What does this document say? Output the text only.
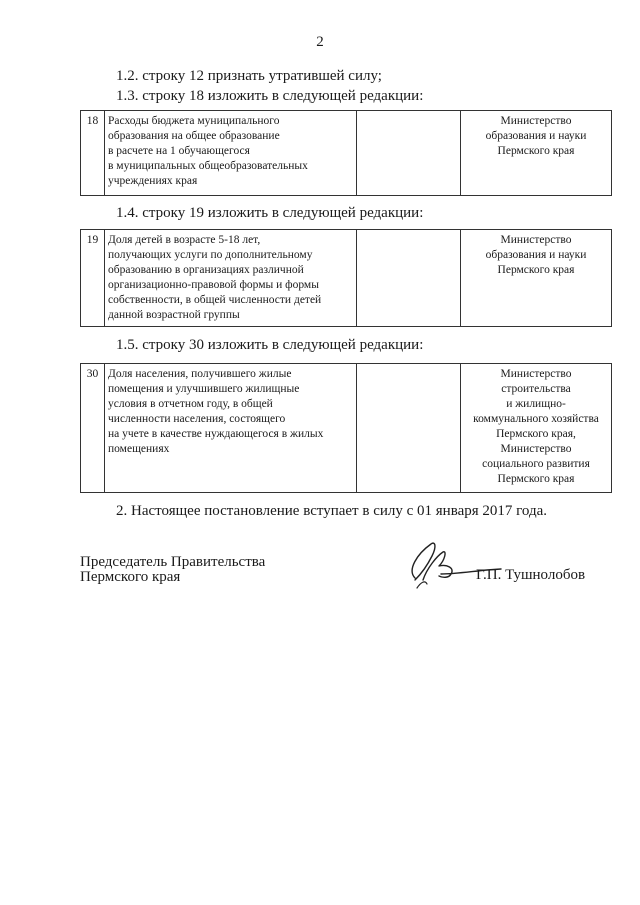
2
1.2. строку 12 признать утратившей силу;
1.3. строку 18 изложить в следующей редакции:
18 Расходы бюджета муниципального
образования на общее образование
в расчете на 1 обучающегося
в муниципальных общеобразовательных
учреждениях края
Министерство
образования и науки
Пермского края
1.4. строку 19 изложить в следующей редакции:
19 Доля детей в возрасте 5-18 лет,
получающих услуги по дополнительному
образованию в организациях различной
организационно-правовой формы и формы
собственности, в общей численности детей
данной возрастной группы
Министерство
образования и науки
Пермского края
1.5. строку 30 изложить в следующей редакции:
30 Доля населения, получившего жилые
помещения и улучшившего жилищные
условия в отчетном году, в общей
численности населения, состоящего
на учете в качестве нуждающегося в жилых
помещениях
Министерство
строительства
и жилищно-
коммунального хозяйства
Пермского края,
Министерство
социального развития
Пермского края
2. Настоящее постановление вступает в силу с 01 января 2017 года.
Председатель Правительства
Пермского края	Г.П. Тушнолобов
